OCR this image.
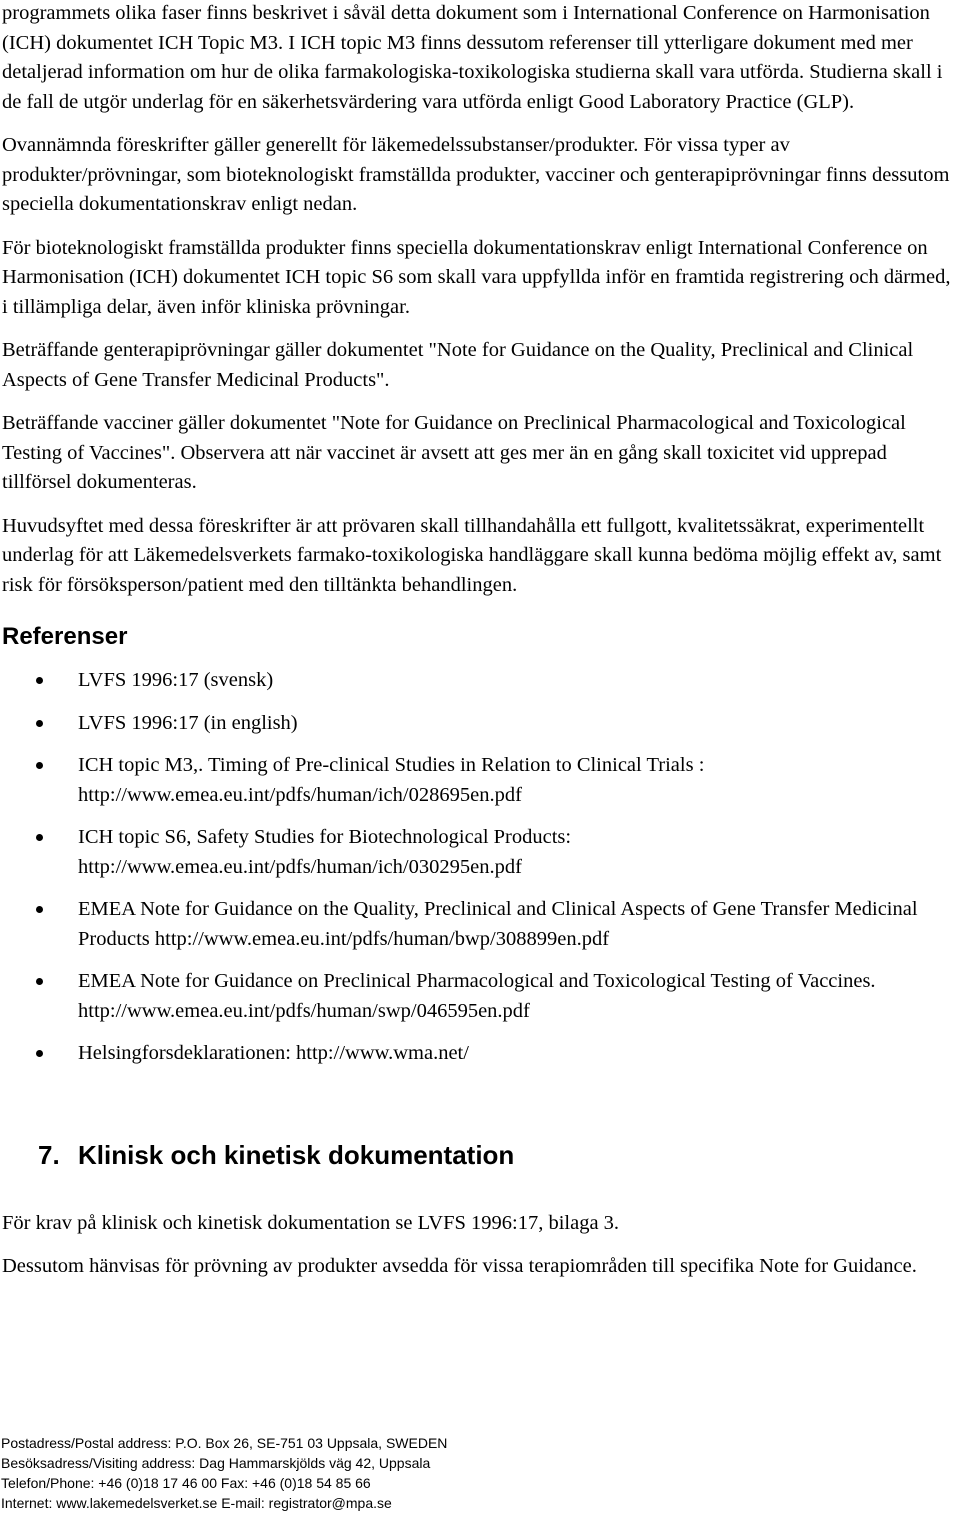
programmets olika faser finns beskrivet i såväl detta dokument som i International Conference on Harmonisation (ICH) dokumentet ICH Topic M3. I ICH topic M3 finns dessutom referenser till ytterligare dokument med mer detaljerad information om hur de olika farmakologiska-toxikologiska studierna skall vara utförda. Studierna skall i de fall de utgör underlag för en säkerhetsvärdering vara utförda enligt Good Laboratory Practice (GLP).

Ovannämnda föreskrifter gäller generellt för läkemedelssubstanser/produkter. För vissa typer av produkter/prövningar, som bioteknologiskt framställda produkter, vacciner och genterapiprövningar finns dessutom speciella dokumentationskrav enligt nedan.

För bioteknologiskt framställda produkter finns speciella dokumentationskrav enligt International Conference on Harmonisation (ICH) dokumentet ICH topic S6 som skall vara uppfyllda inför en framtida registrering och därmed, i tillämpliga delar, även inför kliniska prövningar.

Beträffande genterapiprövningar gäller dokumentet "Note for Guidance on the Quality, Preclinical and Clinical Aspects of Gene Transfer Medicinal Products".

Beträffande vacciner gäller dokumentet "Note for Guidance on Preclinical Pharmacological and Toxicological Testing of Vaccines". Observera att när vaccinet är avsett att ges mer än en gång skall toxicitet vid upprepad tillförsel dokumenteras.

Huvudsyftet med dessa föreskrifter är att prövaren skall tillhandahålla ett fullgott, kvalitetssäkrat, experimentellt underlag för att Läkemedelsverkets farmako-toxikologiska handläggare skall kunna bedöma möjlig effekt av, samt risk för försöksperson/patient med den tilltänkta behandlingen.

Referenser
LVFS 1996:17 (svensk)
LVFS 1996:17 (in english)
ICH topic M3,. Timing of Pre-clinical Studies in Relation to Clinical Trials : http://www.emea.eu.int/pdfs/human/ich/028695en.pdf
ICH topic S6, Safety Studies for Biotechnological Products: http://www.emea.eu.int/pdfs/human/ich/030295en.pdf
EMEA Note for Guidance on the Quality, Preclinical and Clinical Aspects of Gene Transfer Medicinal Products http://www.emea.eu.int/pdfs/human/bwp/308899en.pdf
EMEA Note for Guidance on Preclinical Pharmacological and Toxicological Testing of Vaccines. http://www.emea.eu.int/pdfs/human/swp/046595en.pdf
Helsingforsdeklarationen: http://www.wma.net/
7. Klinisk och kinetisk dokumentation

För krav på klinisk och kinetisk dokumentation se LVFS 1996:17, bilaga 3.

Dessutom hänvisas för prövning av produkter avsedda för vissa terapiområden till specifika Note for Guidance.

Postadress/Postal address: P.O. Box 26, SE-751 03 Uppsala, SWEDEN
Besöksadress/Visiting address: Dag Hammarskjölds väg 42, Uppsala
Telefon/Phone: +46 (0)18 17 46 00 Fax: +46 (0)18 54 85 66
Internet: www.lakemedelsverket.se E-mail: registrator@mpa.se
